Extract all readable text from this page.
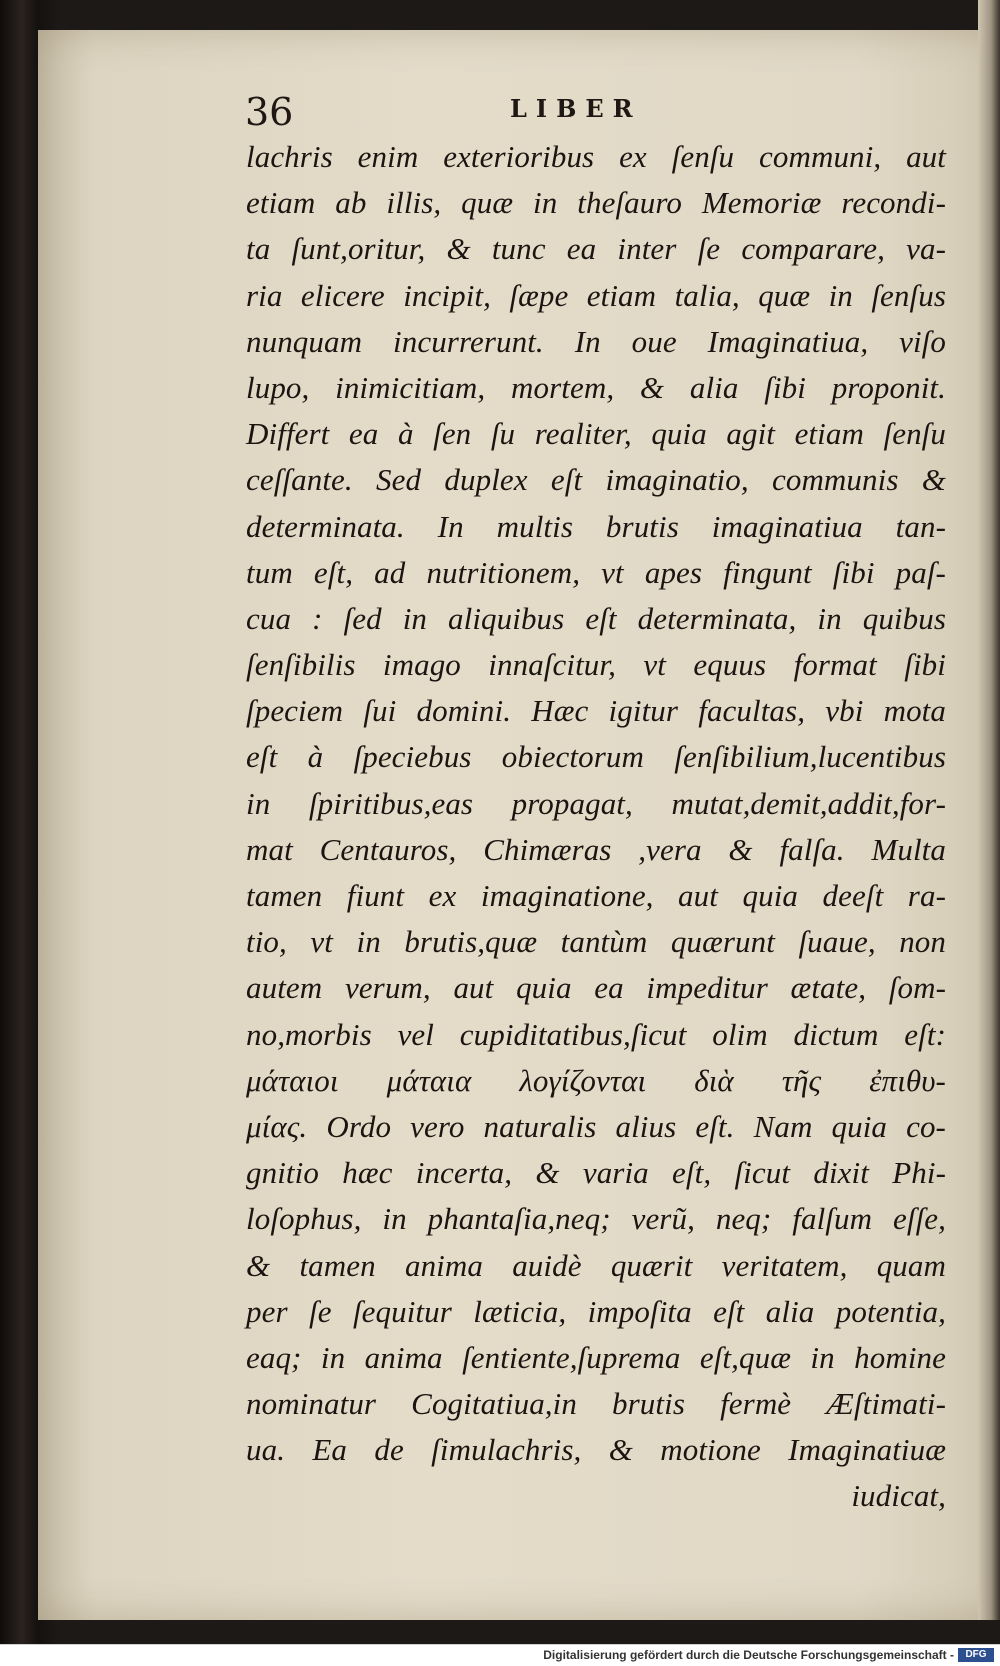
36	LIBER
lachris enim exterioribus ex ſenſu communi, aut
etiam ab illis, quæ in theſauro Memoriæ recondi-
ta ſunt,oritur, & tunc ea inter ſe comparare, va-
ria elicere incipit, ſæpe etiam talia, quæ in ſenſus
nunquam incurrerunt. In oue Imaginatiua, viſo
lupo, inimicitiam, mortem, & alia ſibi proponit.
Differt ea à ſen ſu realiter, quia agit etiam ſenſu
ceſſante. Sed duplex eſt imaginatio, communis &
determinata. In multis brutis imaginatiua tan-
tum eſt, ad nutritionem, vt apes fingunt ſibi paſ-
cua : ſed in aliquibus eſt determinata, in quibus
ſenſibilis imago innaſcitur, vt equus format ſibi
ſpeciem ſui domini. Hæc igitur facultas, vbi mota
eſt à ſpeciebus obiectorum ſenſibilium,lucentibus
in ſpiritibus,eas propagat, mutat,demit,addit,for-
mat Centauros, Chimæras ,vera & falſa. Multa
tamen fiunt ex imaginatione, aut quia deeſt ra-
tio, vt in brutis,quæ tantùm quærunt ſuaue, non
autem verum, aut quia ea impeditur ætate, ſom-
no,morbis vel cupiditatibus,ſicut olim dictum eſt:
μάταιοι μάταια λογίζονται διὰ τῆς ἐπιθυ-
μίας. Ordo vero naturalis alius eſt. Nam quia co-
gnitio hæc incerta, & varia eſt, ſicut dixit Phi-
loſophus, in phantaſia,neq; verũ, neq; falſum eſſe,
& tamen anima auidè quærit veritatem, quam
per ſe ſequitur læticia, impoſita eſt alia potentia,
eaq; in anima ſentiente,ſuprema eſt,quæ in homine
nominatur Cogitatiua,in brutis fermè Æſtimati-
ua. Ea de ſimulachris, & motione Imaginatiuæ
iudicat,
Digitalisierung gefördert durch die Deutsche Forschungsgemeinschaft -	DFG
